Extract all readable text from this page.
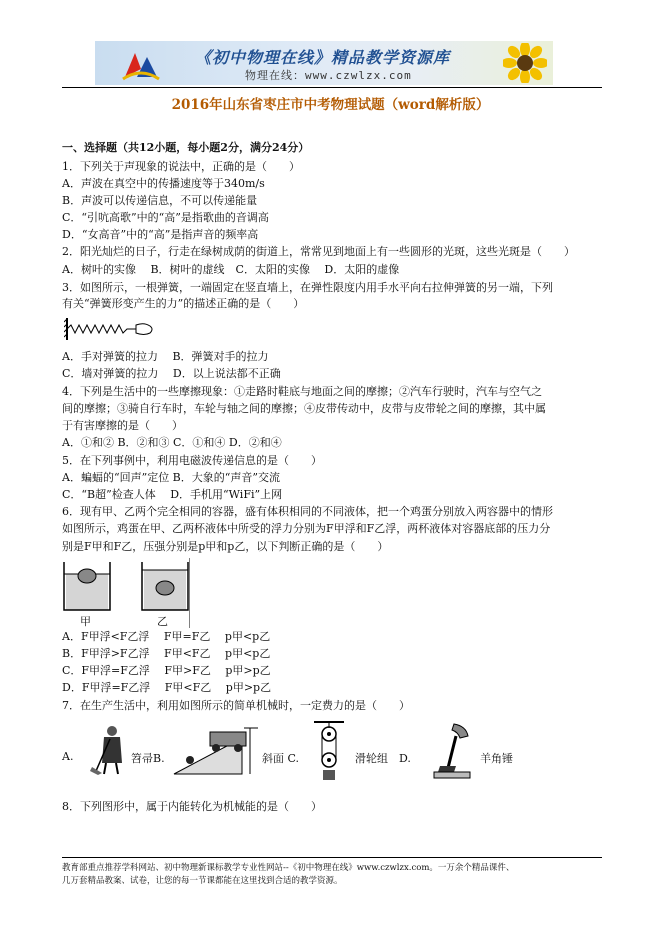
《初中物理在线》精品教学资源库
物理在线：www.czwlzx.com
2016年山东省枣庄市中考物理试题（word解析版）
一、选择题（共12小题，每小题2分，满分24分）
1．下列关于声现象的说法中，正确的是（　　）
A．声波在真空中的传播速度等于340m/s
B．声波可以传递信息，不可以传递能量
C．“引吭高歌”中的“高”是指歌曲的音调高
D．“女高音”中的“高”是指声音的频率高
2．阳光灿烂的日子，行走在绿树成荫的街道上，常常见到地面上有一些圆形的光斑，这些光斑是（　　）
A．树叶的实像　 B．树叶的虚线　C．太阳的实像　 D．太阳的虚像
3．如图所示，一根弹簧，一端固定在竖直墙上，在弹性限度内用手水平向右拉伸弹簧的另一端，下列
有关“弹簧形变产生的力”的描述正确的是（　　）
A．手对弹簧的拉力　 B．弹簧对手的拉力
C．墙对弹簧的拉力　 D．以上说法都不正确
4．下列是生活中的一些摩擦现象：①走路时鞋底与地面之间的摩擦；②汽车行驶时，汽车与空气之
间的摩擦；③骑自行车时，车轮与轴之间的摩擦；④皮带传动中，皮带与皮带轮之间的摩擦，其中属
于有害摩擦的是（　　）
A．①和② B．②和③ C．①和④ D．②和④
5．在下列事例中，利用电磁波传递信息的是（　　）
A．蝙蝠的“回声”定位 B．大象的“声音”交流
C．“B超”检查人体　 D．手机用“WiFi”上网
6．现有甲、乙两个完全相同的容器，盛有体积相同的不同液体，把一个鸡蛋分别放入两容器中的情形
如图所示，鸡蛋在甲、乙两杯液体中所受的浮力分别为F甲浮和F乙浮，两杯液体对容器底部的压力分
别是F甲和F乙，压强分别是p甲和p乙，以下判断正确的是（　　）
甲	乙
A．F甲浮<F乙浮　 F甲=F乙　 p甲<p乙
B．F甲浮>F乙浮　 F甲<F乙　 p甲<p乙
C．F甲浮=F乙浮　 F甲>F乙　 p甲>p乙
D．F甲浮=F乙浮　 F甲<F乙　 p甲>p乙
7．在生产生活中，利用如图所示的简单机械时，一定费力的是（　　）
A.	笤帚B.	斜面 C.	滑轮组　D.	羊角锤
8．下列图形中，属于内能转化为机械能的是（　　）
教育部重点推荐学科网站、初中物理新课标教学专业性网站--《初中物理在线》www.czwlzx.com。一万余个精品课件、
几万套精品教案、试卷，让您的每一节课都能在这里找到合适的教学资源。
